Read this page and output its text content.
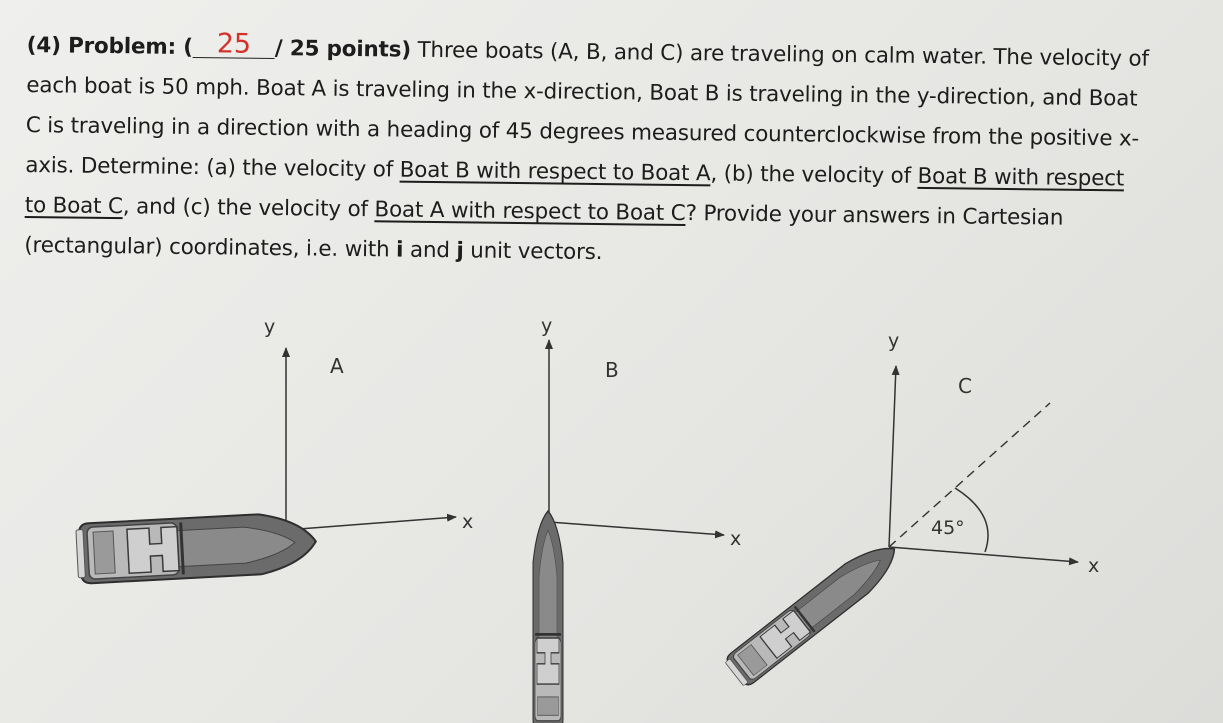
(4) Problem: ( 25 / 25 points) Three boats (A, B, and C) are traveling on calm water. The velocity of
each boat is 50 mph. Boat A is traveling in the x-direction, Boat B is traveling in the y-direction, and Boat
C is traveling in a direction with a heading of 45 degrees measured counterclockwise from the positive x-
axis. Determine: (a) the velocity of Boat B with respect to Boat A, (b) the velocity of Boat B with respect
to Boat C, and (c) the velocity of Boat A with respect to Boat C? Provide your answers in Cartesian
(rectangular) coordinates, i.e. with i and j unit vectors.
y
x
A
y
x
B
y
x
C
45°
